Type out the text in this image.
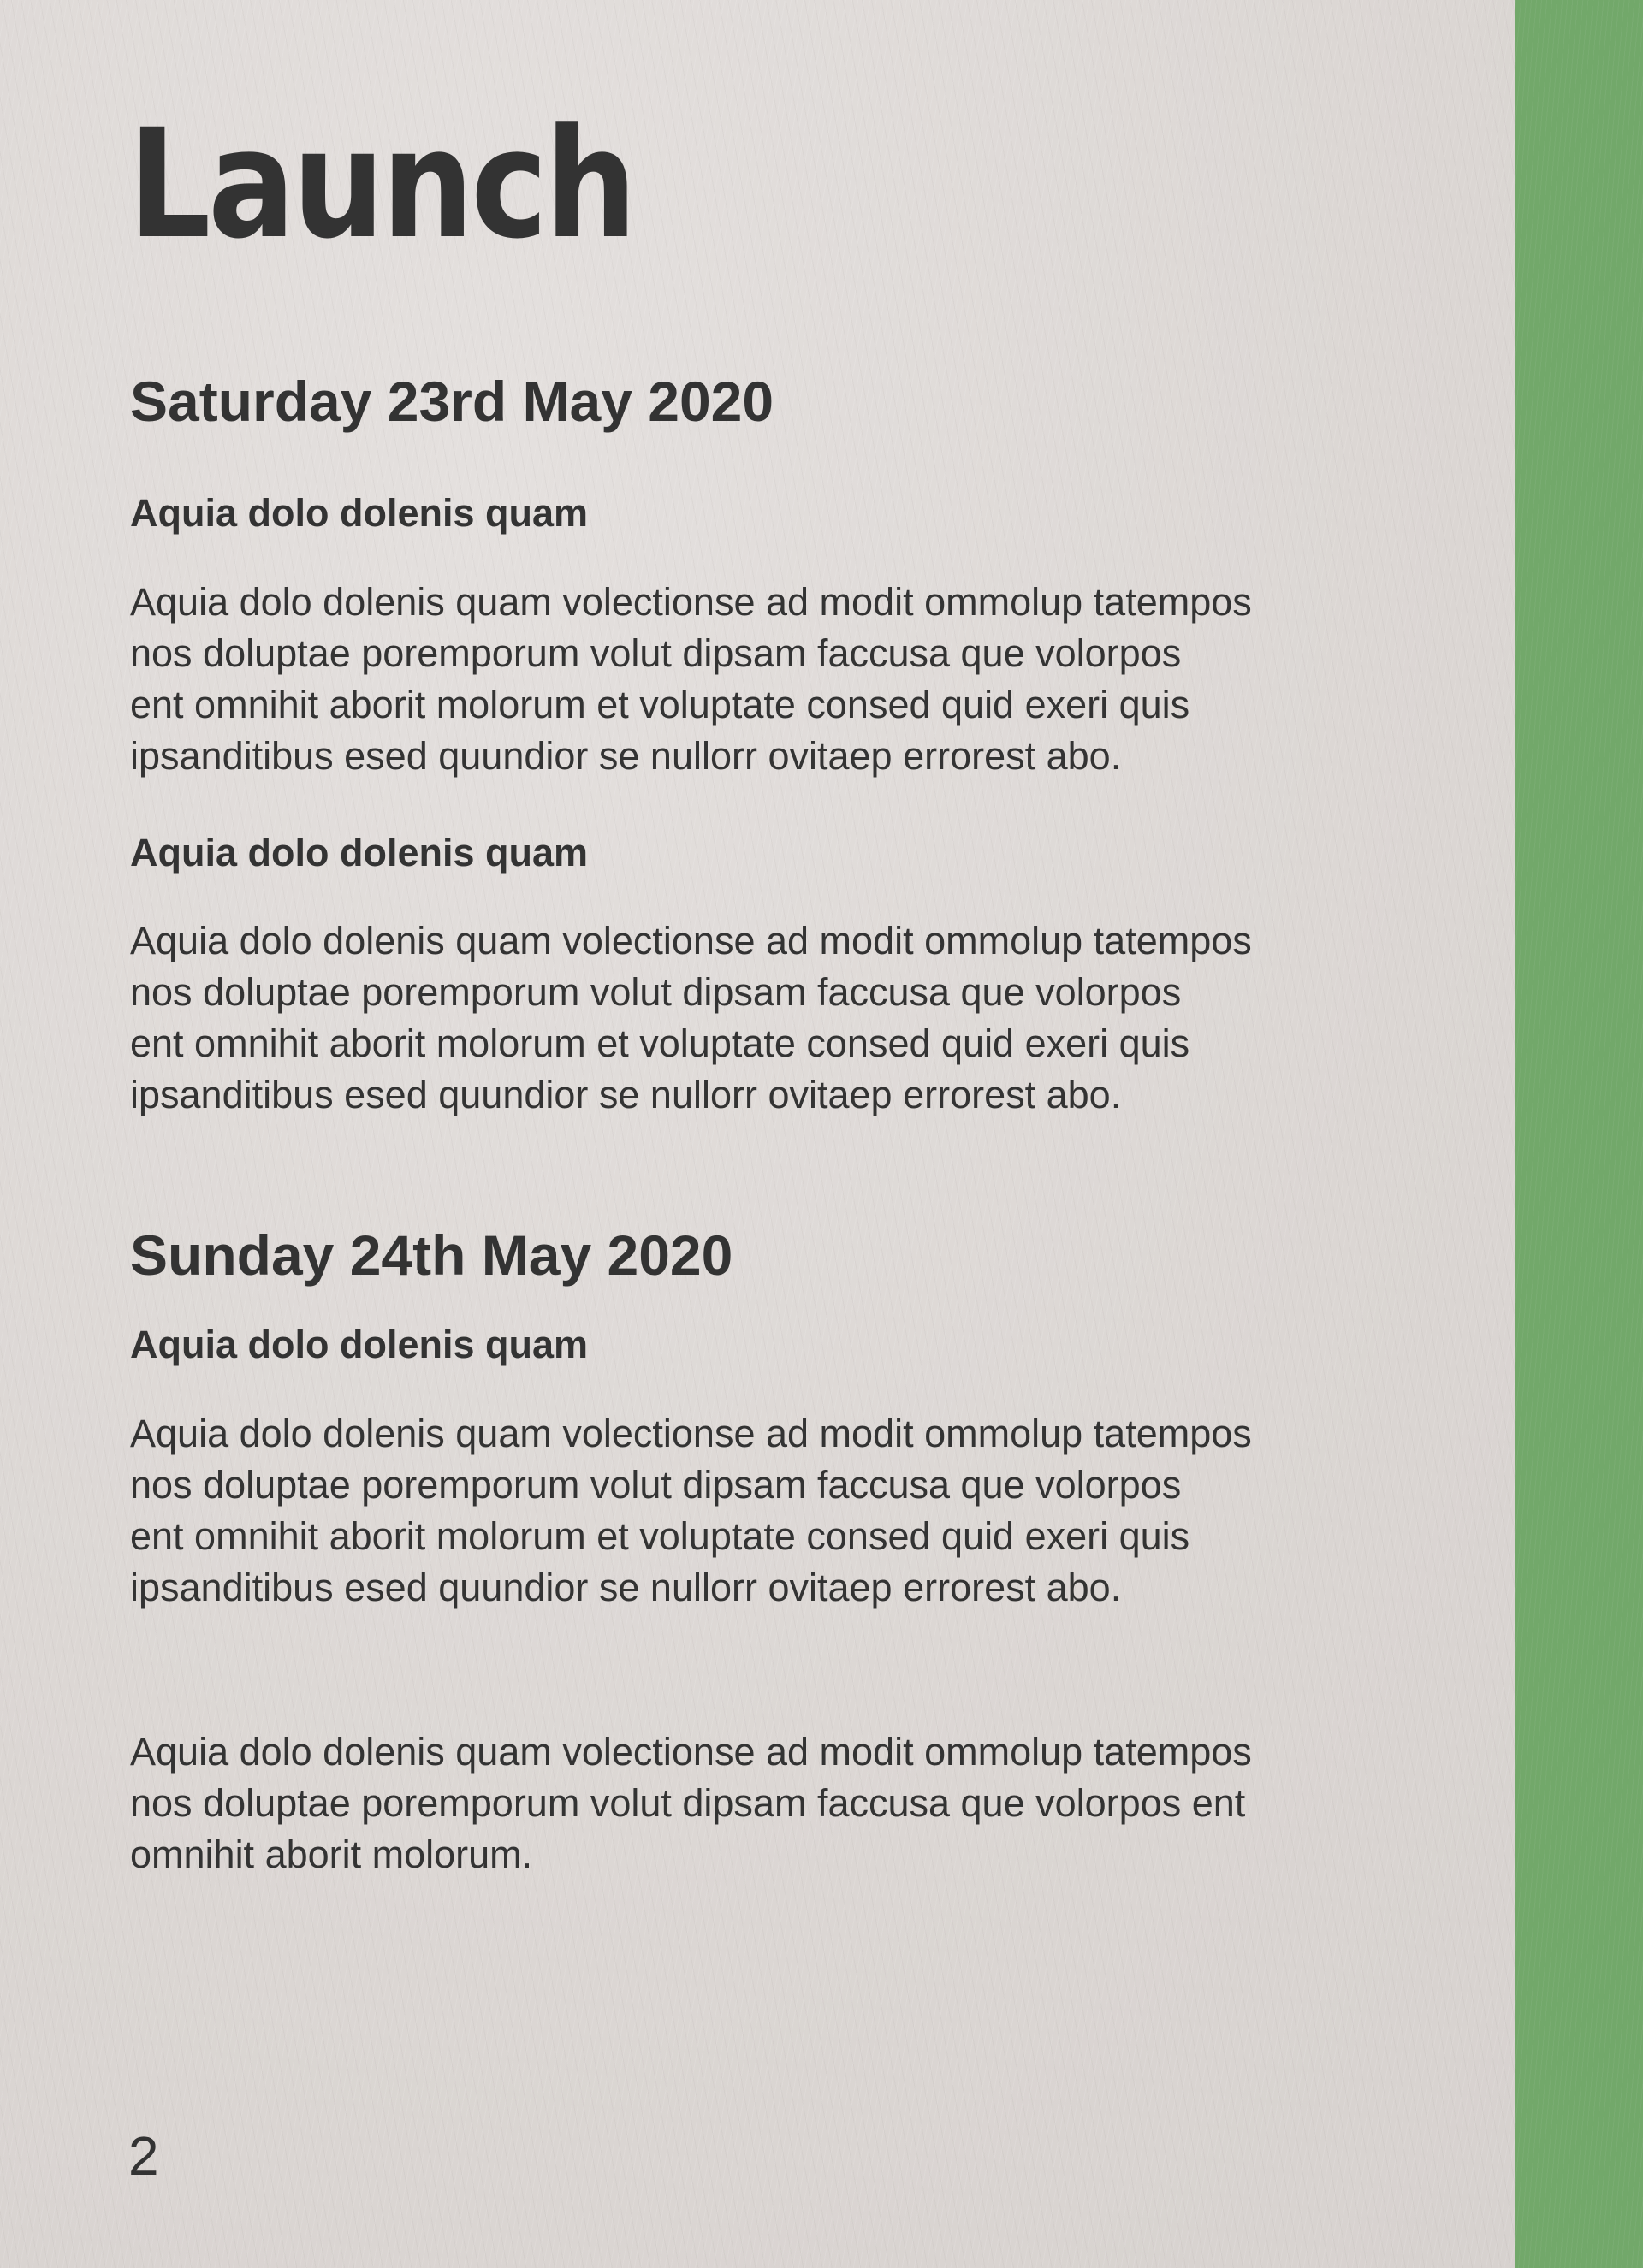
Launch
Saturday 23rd May 2020
Aquia dolo dolenis quam

Aquia dolo dolenis quam volectionse ad modit ommolup tatempos
nos doluptae poremporum volut dipsam faccusa que volorpos
ent omnihit aborit molorum et voluptate consed quid exeri quis
ipsanditibus esed quundior se nullorr ovitaep errorest abo.

Aquia dolo dolenis quam

Aquia dolo dolenis quam volectionse ad modit ommolup tatempos
nos doluptae poremporum volut dipsam faccusa que volorpos
ent omnihit aborit molorum et voluptate consed quid exeri quis
ipsanditibus esed quundior se nullorr ovitaep errorest abo.

Sunday 24th May 2020
Aquia dolo dolenis quam

Aquia dolo dolenis quam volectionse ad modit ommolup tatempos
nos doluptae poremporum volut dipsam faccusa que volorpos
ent omnihit aborit molorum et voluptate consed quid exeri quis
ipsanditibus esed quundior se nullorr ovitaep errorest abo.

Aquia dolo dolenis quam volectionse ad modit ommolup tatempos
nos doluptae poremporum volut dipsam faccusa que volorpos ent
omnihit aborit molorum.

2
